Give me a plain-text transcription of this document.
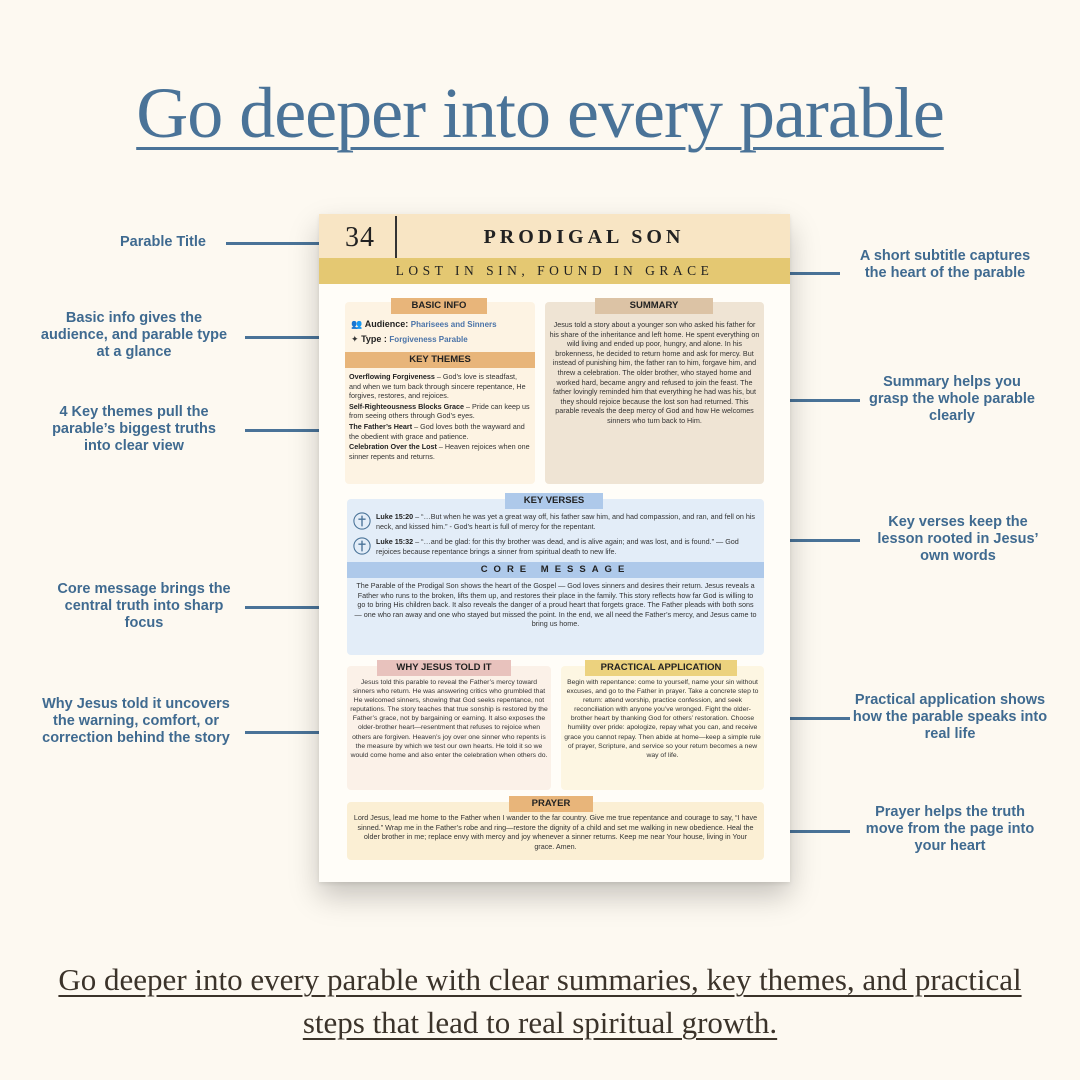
Go deeper into every parable
Parable Title
Basic info gives the audience, and parable type at a glance
4 Key themes pull the parable’s biggest truths into clear view
Core message brings the central truth into sharp focus
Why Jesus told it uncovers the warning, comfort, or correction behind the story
A short subtitle captures the heart of the parable
Summary helps you grasp the whole parable clearly
Key verses keep the lesson rooted in Jesus’ own words
Practical application shows how the parable speaks into real life
Prayer helps the truth move from the page into your heart
34	PRODIGAL SON
LOST IN SIN, FOUND IN GRACE
BASIC INFO
👥 Audience: Pharisees and Sinners
✦ Type : Forgiveness Parable
KEY THEMES
Overflowing Forgiveness – God’s love is steadfast, and when we turn back through sincere repentance, He forgives, restores, and rejoices.
Self-Righteousness Blocks Grace – Pride can keep us from seeing others through God’s eyes.
The Father’s Heart – God loves both the wayward and the obedient with grace and patience.
Celebration Over the Lost – Heaven rejoices when one sinner repents and returns.
SUMMARY
Jesus told a story about a younger son who asked his father for his share of the inheritance and left home. He spent everything on wild living and ended up poor, hungry, and alone. In his brokenness, he decided to return home and ask for mercy. But instead of punishing him, the father ran to him, forgave him, and threw a celebration. The older brother, who stayed home and worked hard, became angry and refused to join the feast. The father lovingly reminded him that everything he had was his, but they should rejoice because the lost son had returned. This parable reveals the deep mercy of God and how He welcomes sinners who turn back to Him.
KEY VERSES
Luke 15:20 – “…But when he was yet a great way off, his father saw him, and had compassion, and ran, and fell on his neck, and kissed him.” - God’s heart is full of mercy for the repentant.
Luke 15:32 – “…and be glad: for this thy brother was dead, and is alive again; and was lost, and is found.” — God rejoices because repentance brings a sinner from spiritual death to new life.
CORE MESSAGE
The Parable of the Prodigal Son shows the heart of the Gospel — God loves sinners and desires their return. Jesus reveals a Father who runs to the broken, lifts them up, and restores their place in the family. This story reflects how far God is willing to go to bring His children back. It also reveals the danger of a proud heart that forgets grace. The Father pleads with both sons — one who ran away and one who stayed but missed the point. In the end, we all need the Father’s mercy, and Jesus came to bring us home.
WHY JESUS TOLD IT
Jesus told this parable to reveal the Father’s mercy toward sinners who return. He was answering critics who grumbled that He welcomed sinners, showing that God seeks repentance, not reputations. The story teaches that true sonship is restored by the Father’s grace, not by bargaining or earning. It also exposes the older-brother heart—resentment that refuses to rejoice when others are forgiven. Heaven’s joy over one sinner who repents is the measure by which we test our own hearts. He told it so we would come home and also enter the celebration when others do.
PRACTICAL APPLICATION
Begin with repentance: come to yourself, name your sin without excuses, and go to the Father in prayer. Take a concrete step to return: attend worship, practice confession, and seek reconciliation with anyone you’ve wronged. Fight the older-brother heart by thanking God for others’ restoration. Choose humility over pride: apologize, repay what you can, and receive grace you cannot repay. Then abide at home—keep a simple rule of prayer, Scripture, and service so your return becomes a new way of life.
PRAYER
Lord Jesus, lead me home to the Father when I wander to the far country. Give me true repentance and courage to say, “I have sinned.” Wrap me in the Father’s robe and ring—restore the dignity of a child and set me walking in new obedience. Heal the older brother in me; replace envy with mercy and joy whenever a sinner returns. Keep me near Your house, living in Your grace. Amen.
Go deeper into every parable with clear summaries, key themes, and practical steps that lead to real spiritual growth.
